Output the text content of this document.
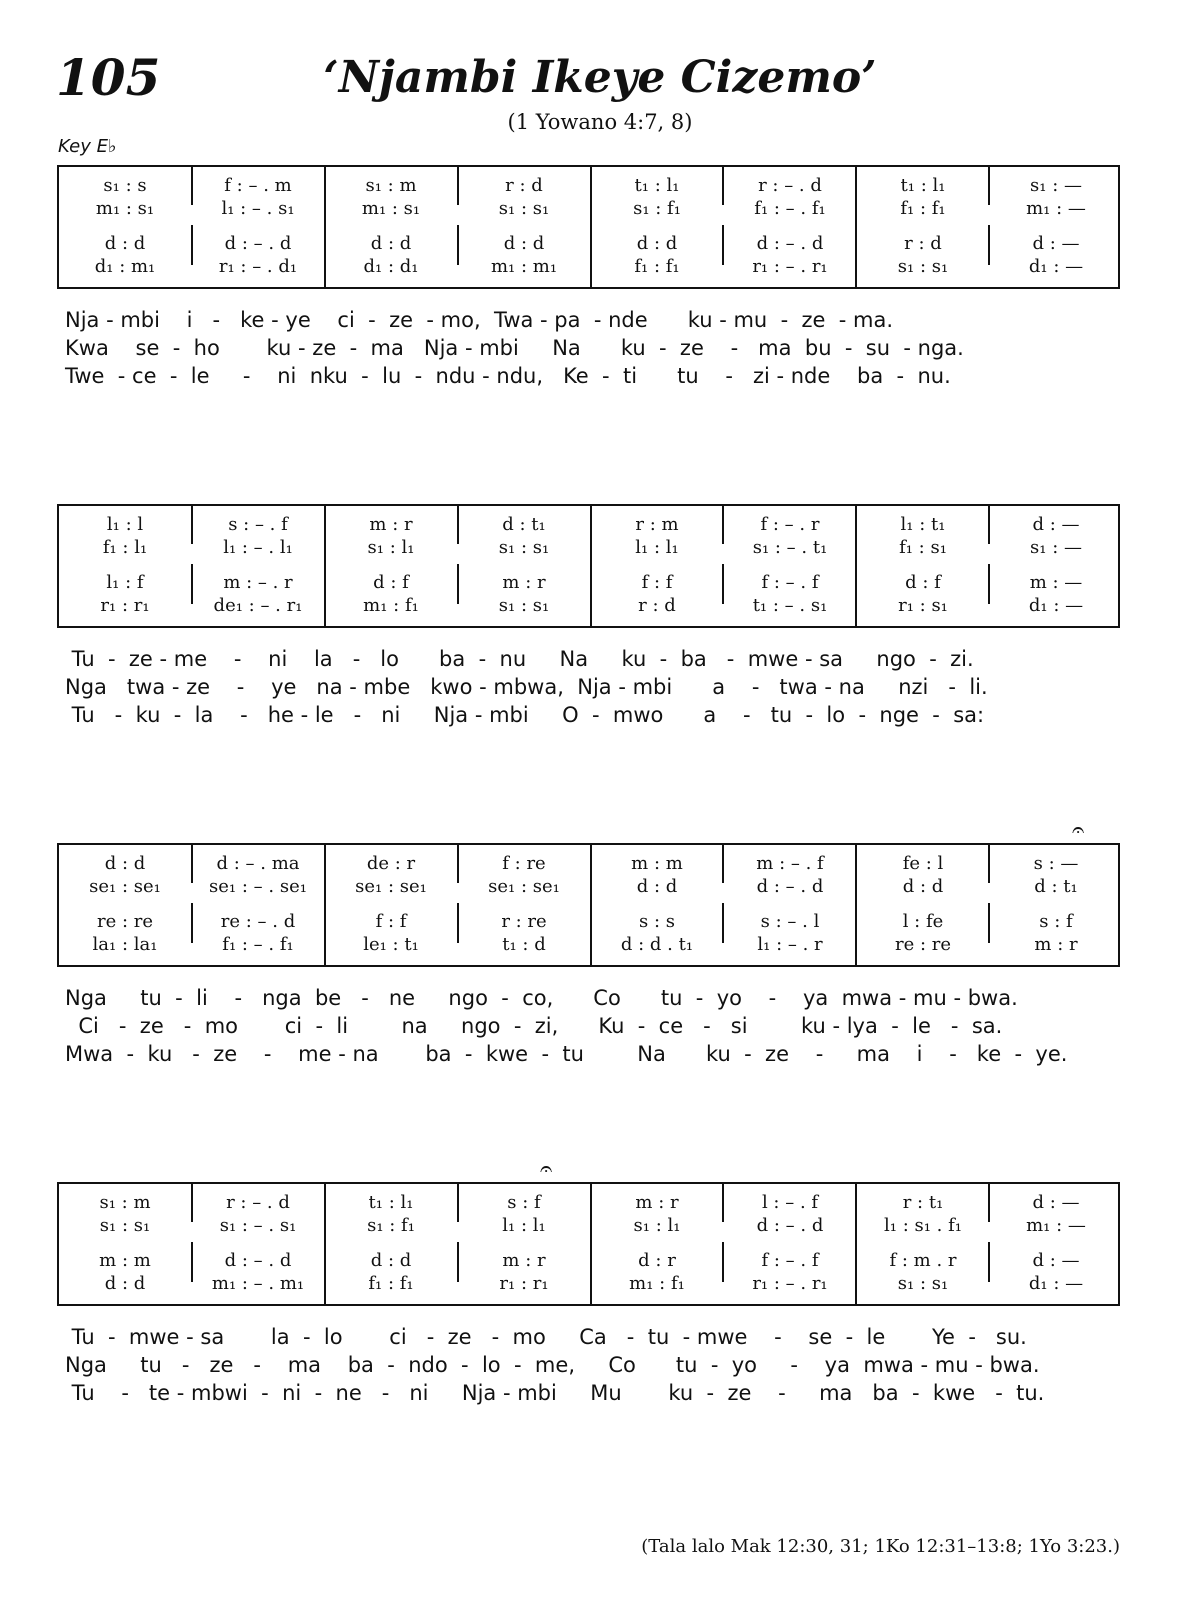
105	‘Njambi Ikeye Cizemo’
(1 Yowano 4:7, 8)
Key E♭
s₁ : s	f : – . m	s₁ : m	r : d	t₁ : l₁	r : – . d	t₁ : l₁	s₁ : —
m₁ : s₁	l₁ : – . s₁	m₁ : s₁	s₁ : s₁	s₁ : f₁	f₁ : – . f₁	f₁ : f₁	m₁ : —
d : d	d : – . d	d : d	d : d	d : d	d : – . d	r : d	d : —
d₁ : m₁	r₁ : – . d₁	d₁ : d₁	m₁ : m₁	f₁ : f₁	r₁ : – . r₁	s₁ : s₁	d₁ : —
Nja - mbi    i   -   ke - ye    ci  -  ze  - mo,  Twa - pa  - nde      ku - mu  -  ze  - ma.
Kwa    se  -  ho       ku - ze  -  ma   Nja - mbi     Na      ku  -  ze    -   ma  bu  -  su  - nga.
Twe  - ce  -  le     -    ni  nku  -  lu  -  ndu - ndu,   Ke  -  ti      tu    -   zi - nde    ba  -  nu.
l₁ : l	s : – . f	m : r	d : t₁	r : m	f : – . r	l₁ : t₁	d : —
f₁ : l₁	l₁ : – . l₁	s₁ : l₁	s₁ : s₁	l₁ : l₁	s₁ : – . t₁	f₁ : s₁	s₁ : —
l₁ : f	m : – . r	d : f	m : r	f : f	f : – . f	d : f	m : —
r₁ : r₁	de₁ : – . r₁	m₁ : f₁	s₁ : s₁	r : d	t₁ : – . s₁	r₁ : s₁	d₁ : —
Tu  -  ze - me    -    ni    la   -   lo      ba  -  nu     Na     ku  -  ba   -  mwe - sa     ngo  -  zi.
Nga   twa - ze    -    ye   na - mbe   kwo - mbwa,  Nja - mbi      a    -   twa - na     nzi   -  li.
Tu   -  ku  -  la    -   he - le   -   ni     Nja - mbi     O  -  mwo      a    -   tu  -  lo  -  nge  -  sa:
d : d	d : – . ma	de : r	f : re	m : m	m : – . f	fe : l	s : —
se₁ : se₁	se₁ : – . se₁	se₁ : se₁	se₁ : se₁	d : d	d : – . d	d : d	d : t₁
re : re	re : – . d	f : f	r : re	s : s	s : – . l	l : fe	s : f
la₁ : la₁	f₁ : – . f₁	le₁ : t₁	t₁ : d	d : d . t₁	l₁ : – . r	re : re	m : r
Nga     tu  -  li    -   nga  be   -   ne     ngo  -  co,      Co      tu  -  yo    -    ya  mwa - mu - bwa.
Ci   -  ze   -  mo       ci  -  li        na     ngo  -  zi,      Ku  -  ce   -   si        ku - lya  -  le   -  sa.
Mwa  -  ku   -  ze    -    me - na       ba  -  kwe  -  tu        Na      ku  -  ze    -     ma    i    -   ke  -  ye.
s₁ : m	r : – . d	t₁ : l₁	s : f	m : r	l : – . f	r : t₁	d : —
s₁ : s₁	s₁ : – . s₁	s₁ : f₁	l₁ : l₁	s₁ : l₁	d : – . d	l₁ : s₁ . f₁	m₁ : —
m : m	d : – . d	d : d	m : r	d : r	f : – . f	f : m . r	d : —
d : d	m₁ : – . m₁	f₁ : f₁	r₁ : r₁	m₁ : f₁	r₁ : – . r₁	s₁ : s₁	d₁ : —
Tu  -  mwe - sa       la  -  lo       ci   -  ze   -  mo     Ca   -  tu  - mwe    -    se  -  le       Ye  -   su.
Nga     tu   -   ze   -    ma    ba  -  ndo  -  lo  -  me,     Co      tu  -  yo     -    ya  mwa - mu - bwa.
Tu    -   te - mbwi  -  ni  -  ne   -   ni     Nja - mbi     Mu       ku  -  ze    -     ma   ba  -  kwe   -  tu.
𝄐
𝄐
(Tala lalo Mak 12:30, 31; 1Ko 12:31–13:8; 1Yo 3:23.)
